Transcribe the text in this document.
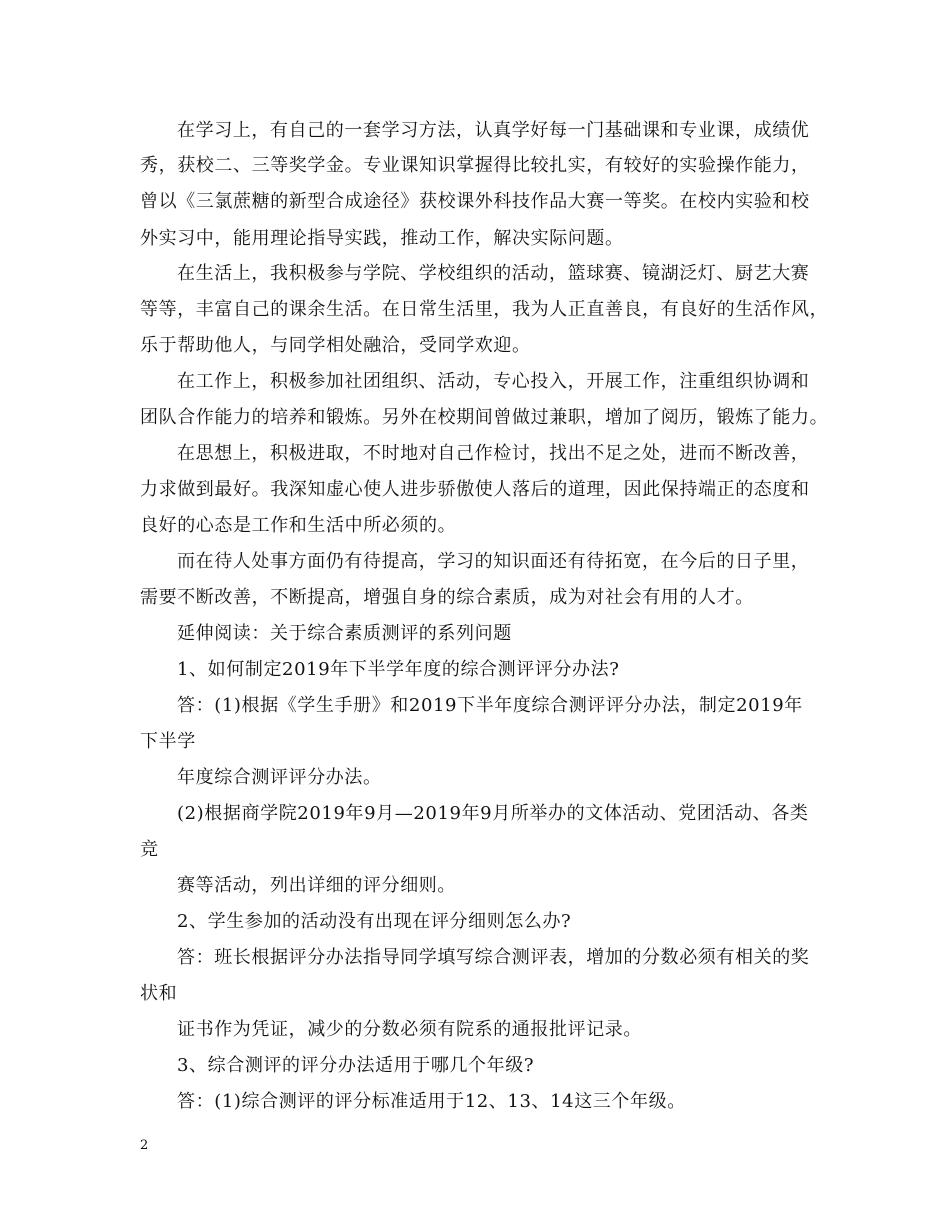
在学习上，有自己的一套学习方法，认真学好每一门基础课和专业课，成绩优
秀，获校二、三等奖学金。专业课知识掌握得比较扎实，有较好的实验操作能力，
曾以《三氯蔗糖的新型合成途径》获校课外科技作品大赛一等奖。在校内实验和校
外实习中，能用理论指导实践，推动工作，解决实际问题。
在生活上，我积极参与学院、学校组织的活动，篮球赛、镜湖泛灯、厨艺大赛
等等，丰富自己的课余生活。在日常生活里，我为人正直善良，有良好的生活作风，
乐于帮助他人，与同学相处融洽，受同学欢迎。
在工作上，积极参加社团组织、活动，专心投入，开展工作，注重组织协调和
团队合作能力的培养和锻炼。另外在校期间曾做过兼职，增加了阅历，锻炼了能力。
在思想上，积极进取，不时地对自己作检讨，找出不足之处，进而不断改善，
力求做到最好。我深知虚心使人进步骄傲使人落后的道理，因此保持端正的态度和
良好的心态是工作和生活中所必须的。
而在待人处事方面仍有待提高，学习的知识面还有待拓宽，在今后的日子里，
需要不断改善，不断提高，增强自身的综合素质，成为对社会有用的人才。
延伸阅读：关于综合素质测评的系列问题
1、如何制定2019年下半学年度的综合测评评分办法?
答：(1)根据《学生手册》和2019下半年度综合测评评分办法，制定2019年
下半学
年度综合测评评分办法。
(2)根据商学院2019年9月—2019年9月所举办的文体活动、党团活动、各类
竞
赛等活动，列出详细的评分细则。
2、学生参加的活动没有出现在评分细则怎么办?
答：班长根据评分办法指导同学填写综合测评表，增加的分数必须有相关的奖
状和
证书作为凭证，减少的分数必须有院系的通报批评记录。
3、综合测评的评分办法适用于哪几个年级?
答：(1)综合测评的评分标准适用于12、13、14这三个年级。
2
